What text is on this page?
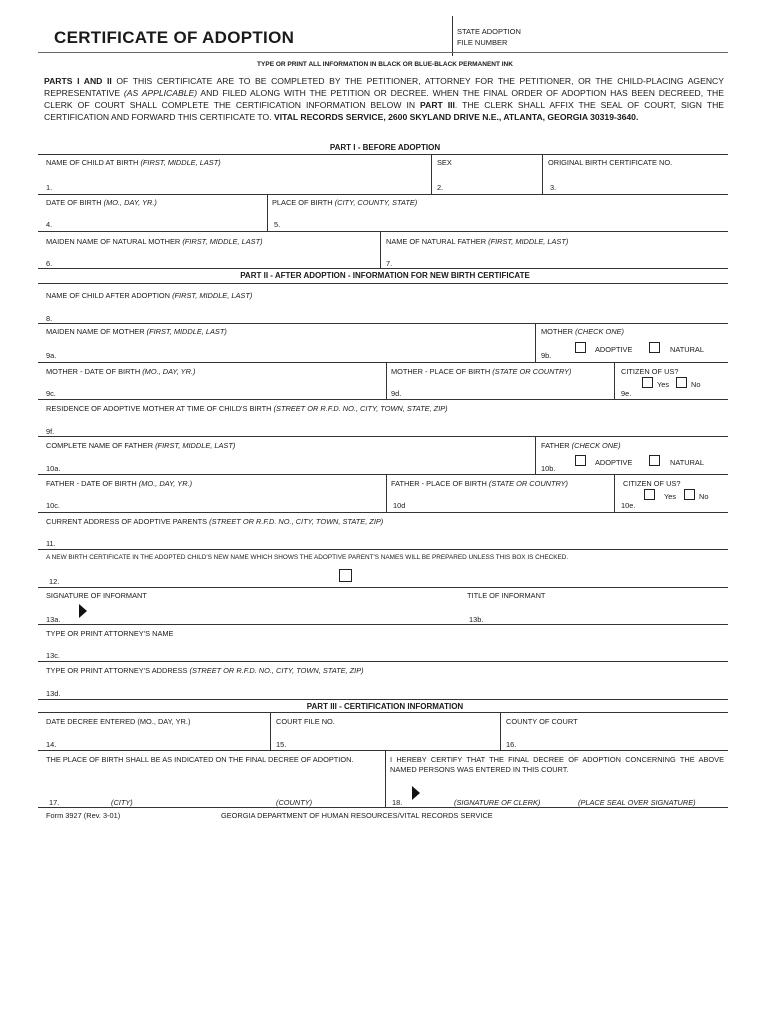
CERTIFICATE OF ADOPTION	STATE ADOPTION
FILE NUMBER
TYPE OR PRINT ALL INFORMATION IN BLACK OR BLUE-BLACK PERMANENT INK
PARTS I AND II OF THIS CERTIFICATE ARE TO BE COMPLETED BY THE PETITIONER, ATTORNEY FOR THE PETITIONER, OR THE CHILD-PLACING AGENCY REPRESENTATIVE (AS APPLICABLE) AND FILED ALONG WITH THE PETITION OR DECREE. WHEN THE FINAL ORDER OF ADOPTION HAS BEEN DECREED, THE CLERK OF COURT SHALL COMPLETE THE CERTIFICATION INFORMATION BELOW IN PART III. THE CLERK SHALL AFFIX THE SEAL OF COURT, SIGN THE CERTIFICATION AND FORWARD THIS CERTIFICATE TO. VITAL RECORDS SERVICE, 2600 SKYLAND DRIVE N.E., ATLANTA, GEORGIA 30319-3640.
PART I - BEFORE ADOPTION
NAME OF CHILD AT BIRTH (FIRST, MIDDLE, LAST)	SEX	ORIGINAL BIRTH CERTIFICATE NO.
1.	2.	3.
DATE OF BIRTH (MO., DAY, YR.)	PLACE OF BIRTH (CITY, COUNTY, STATE)
4.	5.
MAIDEN NAME OF NATURAL MOTHER (FIRST, MIDDLE, LAST)	NAME OF NATURAL FATHER (FIRST, MIDDLE, LAST)
6.	7.
PART II - AFTER ADOPTION - INFORMATION FOR NEW BIRTH CERTIFICATE
NAME OF CHILD AFTER ADOPTION (FIRST, MIDDLE, LAST)
8.
MAIDEN NAME OF MOTHER (FIRST, MIDDLE, LAST)	MOTHER (CHECK ONE)
9a.	9b.
ADOPTIVE	NATURAL
MOTHER - DATE OF BIRTH (MO., DAY, YR.)	MOTHER - PLACE OF BIRTH (STATE OR COUNTRY)	CITIZEN OF US?
Yes	No
9c.	9d.	9e.
RESIDENCE OF ADOPTIVE MOTHER AT TIME OF CHILD'S BIRTH (STREET OR R.F.D. NO., CITY, TOWN, STATE, ZIP)
9f.
COMPLETE NAME OF FATHER (FIRST, MIDDLE, LAST)	FATHER (CHECK ONE)
10a.	10b.
ADOPTIVE	NATURAL
FATHER - DATE OF BIRTH (MO., DAY, YR.)	FATHER - PLACE OF BIRTH (STATE OR COUNTRY)	CITIZEN OF US?
Yes	No
10c.	10d	10e.
CURRENT ADDRESS OF ADOPTIVE PARENTS (STREET OR R.F.D. NO., CITY, TOWN, STATE, ZIP)
11.
A NEW BIRTH CERTIFICATE IN THE ADOPTED CHILD'S NEW NAME WHICH SHOWS THE ADOPTIVE PARENT'S NAMES WILL BE PREPARED UNLESS THIS BOX IS CHECKED.
12.
SIGNATURE OF INFORMANT	TITLE OF INFORMANT
13a.	13b.
TYPE OR PRINT ATTORNEY'S NAME
13c.
TYPE OR PRINT ATTORNEY'S ADDRESS (STREET OR R.F.D. NO., CITY, TOWN, STATE, ZIP)
13d.
PART III - CERTIFICATION INFORMATION
DATE DECREE ENTERED (MO., DAY, YR.)	COURT FILE NO.	COUNTY OF COURT
14.	15.	16.
THE PLACE OF BIRTH SHALL BE AS INDICATED ON THE FINAL DECREE OF ADOPTION.	I HEREBY CERTIFY THAT THE FINAL DECREE OF ADOPTION CONCERNING THE ABOVE NAMED PERSONS WAS ENTERED IN THIS COURT.
17.	(CITY)	(COUNTY)	18.	(SIGNATURE OF CLERK)	(PLACE SEAL OVER SIGNATURE)
Form 3927 (Rev. 3-01)	GEORGIA DEPARTMENT OF HUMAN RESOURCES/VITAL RECORDS SERVICE
